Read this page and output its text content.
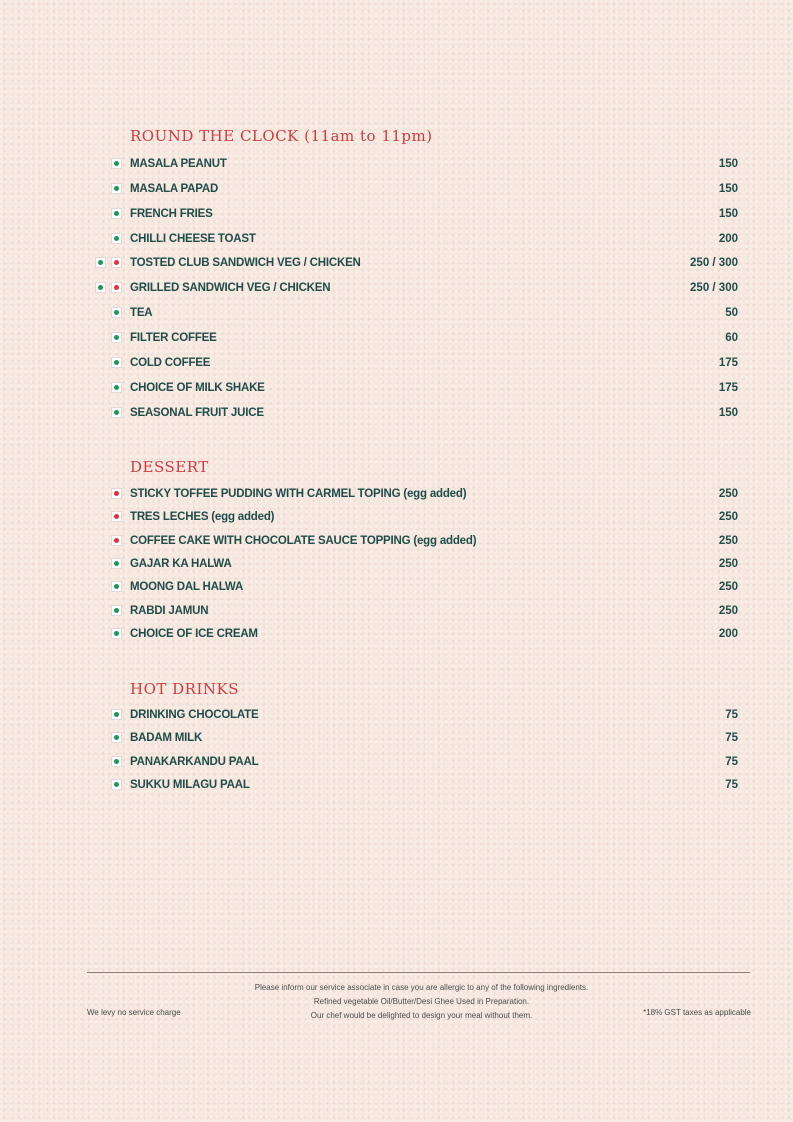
ROUND THE CLOCK (11am to 11pm)
MASALA PEANUT	150
MASALA PAPAD	150
FRENCH FRIES	150
CHILLI CHEESE TOAST	200
TOSTED CLUB SANDWICH VEG / CHICKEN	250 / 300
GRILLED SANDWICH VEG / CHICKEN	250 / 300
TEA	50
FILTER COFFEE	60
COLD COFFEE	175
CHOICE OF MILK SHAKE	175
SEASONAL FRUIT JUICE	150
DESSERT
STICKY TOFFEE PUDDING WITH CARMEL TOPING (egg added)	250
TRES LECHES (egg added)	250
COFFEE CAKE WITH CHOCOLATE SAUCE TOPPING (egg added)	250
GAJAR KA HALWA	250
MOONG DAL HALWA	250
RABDI JAMUN	250
CHOICE OF ICE CREAM	200
HOT DRINKS
DRINKING CHOCOLATE	75
BADAM MILK	75
PANAKARKANDU PAAL	75
SUKKU MILAGU PAAL	75
Please inform our service associate in case you are allergic to any of the following ingredients.
Refined vegetable Oil/Butter/Desi Ghee Used in Preparation.
Our chef would be delighted to design your meal without them.
We levy no service charge	*18% GST taxes as applicable
